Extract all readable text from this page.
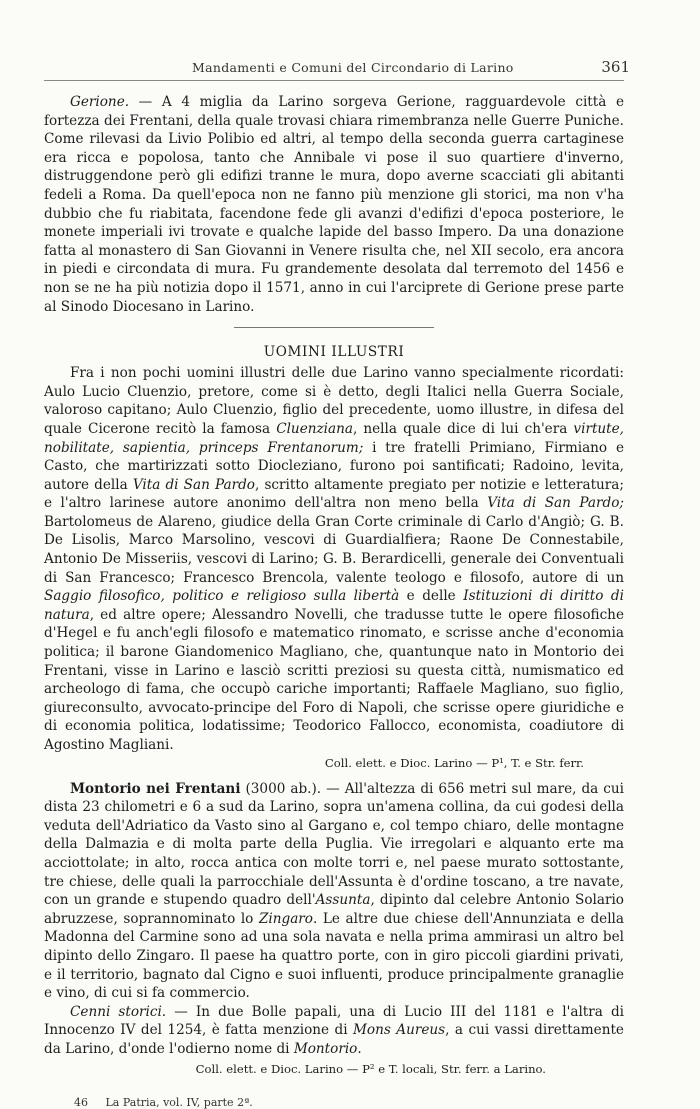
Mandamenti e Comuni del Circondario di Larino	361

Gerione. — A 4 miglia da Larino sorgeva Gerione, ragguardevole città e fortezza dei Frentani, della quale trovasi chiara rimembranza nelle Guerre Puniche. Come rilevasi da Livio Polibio ed altri, al tempo della seconda guerra cartaginese era ricca e popolosa, tanto che Annibale vi pose il suo quartiere d'inverno, distruggendone però gli edifizi tranne le mura, dopo averne scacciati gli abitanti fedeli a Roma. Da quell'epoca non ne fanno più menzione gli storici, ma non v'ha dubbio che fu riabitata, facendone fede gli avanzi d'edifizi d'epoca posteriore, le monete imperiali ivi trovate e qualche lapide del basso Impero. Da una donazione fatta al monastero di San Giovanni in Venere risulta che, nel XII secolo, era ancora in piedi e circondata di mura. Fu grandemente desolata dal terremoto del 1456 e non se ne ha più notizia dopo il 1571, anno in cui l'arciprete di Gerione prese parte al Sinodo Diocesano in Larino.

UOMINI ILLUSTRI

Fra i non pochi uomini illustri delle due Larino vanno specialmente ricordati: Aulo Lucio Cluenzio, pretore, come si è detto, degli Italici nella Guerra Sociale, valoroso capitano; Aulo Cluenzio, figlio del precedente, uomo illustre, in difesa del quale Cicerone recitò la famosa Cluenziana, nella quale dice di lui ch'era virtute, nobilitate, sapientia, princeps Frentanorum; i tre fratelli Primiano, Firmiano e Casto, che martirizzati sotto Diocleziano, furono poi santificati; Radoino, levita, autore della Vita di San Pardo, scritto altamente pregiato per notizie e letteratura; e l'altro larinese autore anonimo dell'altra non meno bella Vita di San Pardo; Bartolomeus de Alareno, giudice della Gran Corte criminale di Carlo d'Angiò; G. B. De Lisolis, Marco Marsolino, vescovi di Guardialfiera; Raone De Connestabile, Antonio De Misseriis, vescovi di Larino; G. B. Berardicelli, generale dei Conventuali di San Francesco; Francesco Brencola, valente teologo e filosofo, autore di un Saggio filosofico, politico e religioso sulla libertà e delle Istituzioni di diritto di natura, ed altre opere; Alessandro Novelli, che tradusse tutte le opere filosofiche d'Hegel e fu anch'egli filosofo e matematico rinomato, e scrisse anche d'economia politica; il barone Giandomenico Magliano, che, quantunque nato in Montorio dei Frentani, visse in Larino e lasciò scritti preziosi su questa città, numismatico ed archeologo di fama, che occupò cariche importanti; Raffaele Magliano, suo figlio, giureconsulto, avvocato-principe del Foro di Napoli, che scrisse opere giuridiche e di economia politica, lodatissime; Teodorico Fallocco, economista, coadiutore di Agostino Magliani.

Coll. elett. e Dioc. Larino — P¹, T. e Str. ferr.

Montorio nei Frentani (3000 ab.). — All'altezza di 656 metri sul mare, da cui dista 23 chilometri e 6 a sud da Larino, sopra un'amena collina, da cui godesi della veduta dell'Adriatico da Vasto sino al Gargano e, col tempo chiaro, delle montagne della Dalmazia e di molta parte della Puglia. Vie irregolari e alquanto erte ma acciottolate; in alto, rocca antica con molte torri e, nel paese murato sottostante, tre chiese, delle quali la parrocchiale dell'Assunta è d'ordine toscano, a tre navate, con un grande e stupendo quadro dell'Assunta, dipinto dal celebre Antonio Solario abruzzese, soprannominato lo Zingaro. Le altre due chiese dell'Annunziata e della Madonna del Carmine sono ad una sola navata e nella prima ammirasi un altro bel dipinto dello Zingaro. Il paese ha quattro porte, con in giro piccoli giardini privati, e il territorio, bagnato dal Cigno e suoi influenti, produce principalmente granaglie e vino, di cui si fa commercio.

Cenni storici. — In due Bolle papali, una di Lucio III del 1181 e l'altra di Innocenzo IV del 1254, è fatta menzione di Mons Aureus, a cui vassi direttamente da Larino, d'onde l'odierno nome di Montorio.

Coll. elett. e Dioc. Larino — P² e T. locali, Str. ferr. a Larino.
46 La Patria, vol. IV, parte 2ª.
